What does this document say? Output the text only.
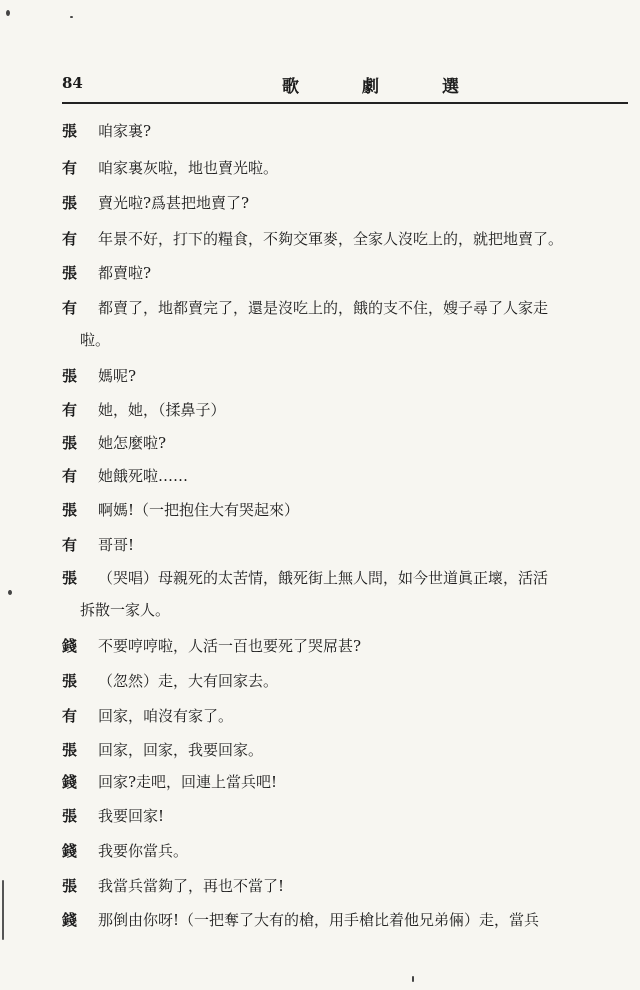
84	歌	劇	選
張	咱家裏?
有	咱家裏灰啦，地也賣光啦。
張	賣光啦?爲甚把地賣了?
有	年景不好，打下的糧食，不夠交軍麥，全家人沒吃上的，就把地賣了。
張	都賣啦?
有	都賣了，地都賣完了，還是沒吃上的，餓的支不住，嫂子尋了人家走
啦。
張	媽呢?
有	她，她，（揉鼻子）
張	她怎麼啦?
有	她餓死啦……
張	啊媽!（一把抱住大有哭起來）
有	哥哥!
張	（哭唱）母親死的太苦情，餓死街上無人問，如今世道眞正壞，活活
拆散一家人。
錢	不要哼哼啦，人活一百也要死了哭屌甚?
張	（忽然）走，大有回家去。
有	回家，咱沒有家了。
張	回家，回家，我要回家。
錢	回家?走吧，回連上當兵吧!
張	我要回家!
錢	我要你當兵。
張	我當兵當夠了，再也不當了!
錢	那倒由你呀!（一把奪了大有的槍，用手槍比着他兄弟倆）走，當兵
